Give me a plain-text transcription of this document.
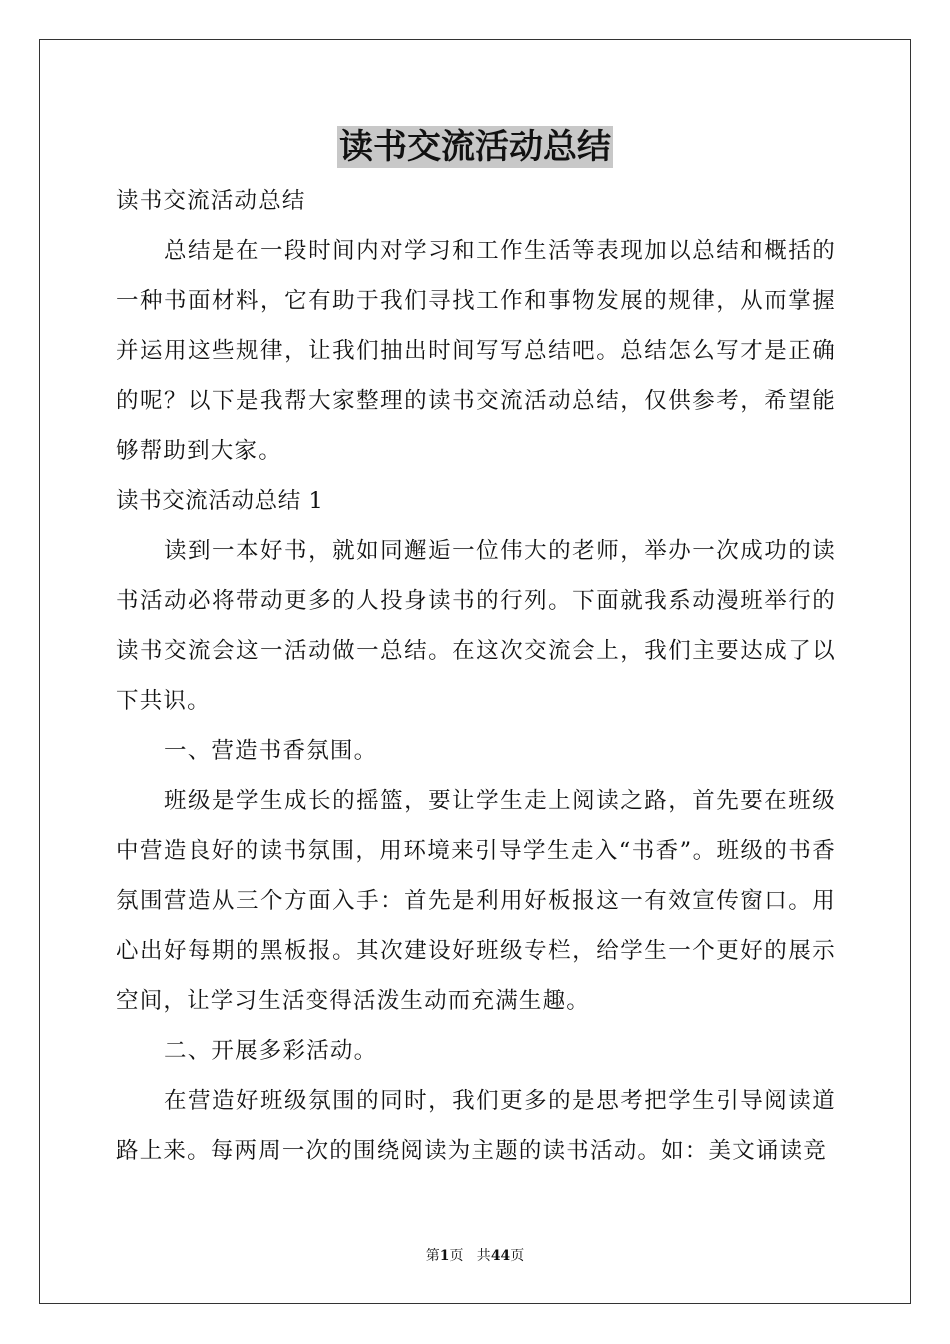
读书交流活动总结

读书交流活动总结

总结是在一段时间内对学习和工作生活等表现加以总结和概括的一种书面材料，它有助于我们寻找工作和事物发展的规律，从而掌握并运用这些规律，让我们抽出时间写写总结吧。总结怎么写才是正确的呢？以下是我帮大家整理的读书交流活动总结，仅供参考，希望能够帮助到大家。

读书交流活动总结 1

读到一本好书，就如同邂逅一位伟大的老师，举办一次成功的读书活动必将带动更多的人投身读书的行列。下面就我系动漫班举行的读书交流会这一活动做一总结。在这次交流会上，我们主要达成了以下共识。

一、营造书香氛围。

班级是学生成长的摇篮，要让学生走上阅读之路，首先要在班级中营造良好的读书氛围，用环境来引导学生走入“书香”。班级的书香氛围营造从三个方面入手：首先是利用好板报这一有效宣传窗口。用心出好每期的黑板报。其次建设好班级专栏，给学生一个更好的展示空间，让学习生活变得活泼生动而充满生趣。

二、开展多彩活动。

在营造好班级氛围的同时，我们更多的是思考把学生引导阅读道路上来。每两周一次的围绕阅读为主题的读书活动。如：美文诵读竞

第1页   共44页
